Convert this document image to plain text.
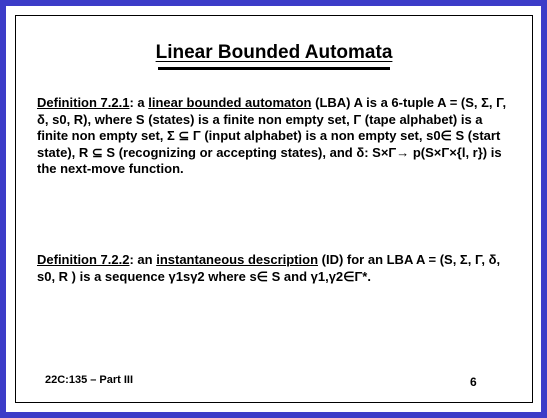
Linear Bounded Automata
Definition 7.2.1: a linear bounded automaton (LBA) A is a 6-tuple A = (S, Σ, Γ, δ, s0, R), where S (states) is a finite non empty set, Γ (tape alphabet) is a finite non empty set, Σ ⊆ Γ (input alphabet) is a non empty set, s0∈ S (start state), R ⊆ S (recognizing or accepting states), and δ: S×Γ→ p(S×Γ×{l, r}) is the next-move function.
Definition 7.2.2: an instantaneous description (ID) for an LBA A = (S, Σ, Γ, δ, s0, R ) is a sequence γ1sγ2 where s∈ S and γ1,γ2∈Γ*.
22C:135 – Part III	6
